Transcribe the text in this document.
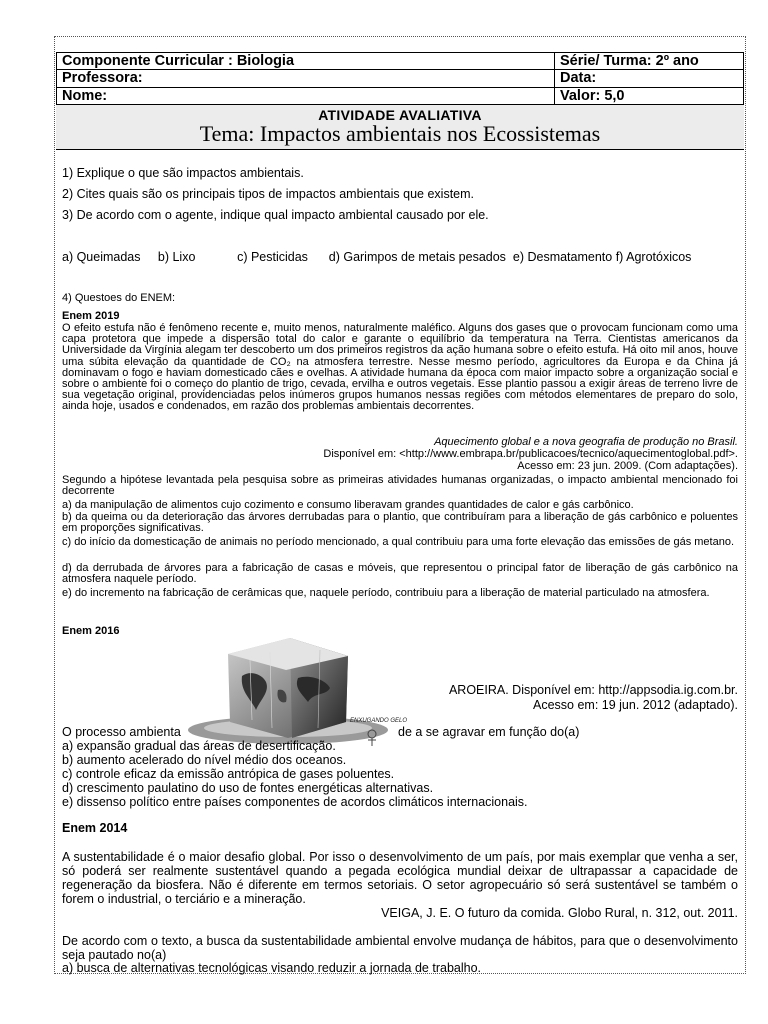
Componente Curricular : Biologia	Série/ Turma: 2º ano
Professora:	Data:
Nome:	Valor: 5,0
ATIVIDADE AVALIATIVA
Tema: Impactos ambientais nos Ecossistemas
1) Explique o que são impactos ambientais.
2) Cites quais são os principais tipos de impactos ambientais que existem.
3) De acordo com o agente, indique qual impacto ambiental causado por ele.
a) Queimadas     b) Lixo            c) Pesticidas      d) Garimpos de metais pesados  e) Desmatamento f) Agrotóxicos
4) Questoes do ENEM:
Enem 2019
O efeito estufa não é fenômeno recente e, muito menos, naturalmente maléfico. Alguns dos gases que o provocam funcionam como uma capa protetora que impede a dispersão total do calor e garante o equilíbrio da temperatura na Terra. Cientistas americanos da Universidade da Virgínia alegam ter descoberto um dos primeiros registros da ação humana sobre o efeito estufa. Há oito mil anos, houve uma súbita elevação da quantidade de CO₂ na atmosfera terrestre. Nesse mesmo período, agricultores da Europa e da China já dominavam o fogo e haviam domesticado cães e ovelhas. A atividade humana da época com maior impacto sobre a organização social e sobre o ambiente foi o começo do plantio de trigo, cevada, ervilha e outros vegetais. Esse plantio passou a exigir áreas de terreno livre de sua vegetação original, providenciadas pelos inúmeros grupos humanos nessas regiões com métodos elementares de preparo do solo, ainda hoje, usados e condenados, em razão dos problemas ambientais decorrentes.
Aquecimento global e a nova geografia de produção no Brasil.
Disponível em: <http://www.embrapa.br/publicacoes/tecnico/aquecimentoglobal.pdf>.
Acesso em: 23 jun. 2009. (Com adaptações).
Segundo a hipótese levantada pela pesquisa sobre as primeiras atividades humanas organizadas, o impacto ambiental mencionado foi decorrente
a) da manipulação de alimentos cujo cozimento e consumo liberavam grandes quantidades de calor e gás carbônico.
b) da queima ou da deterioração das árvores derrubadas para o plantio, que contribuíram para a liberação de gás carbônico e poluentes em proporções significativas.
c) do início da domesticação de animais no período mencionado, a qual contribuiu para uma forte elevação das emissões de gás metano.
d) da derrubada de árvores para a fabricação de casas e móveis, que representou o principal fator de liberação de gás carbônico na atmosfera naquele período.
e) do incremento na fabricação de cerâmicas que, naquele período, contribuiu para a liberação de material particulado na atmosfera.
Enem 2016
ENXUGANDO GELO
AROEIRA. Disponível em: http://appsodia.ig.com.br.
Acesso em: 19 jun. 2012 (adaptado).
O processo ambienta	de a se agravar em função do(a)
a) expansão gradual das áreas de desertificação.
b) aumento acelerado do nível médio dos oceanos.
c) controle eficaz da emissão antrópica de gases poluentes.
d) crescimento paulatino do uso de fontes energéticas alternativas.
e) dissenso político entre países componentes de acordos climáticos internacionais.
Enem 2014
A sustentabilidade é o maior desafio global. Por isso o desenvolvimento de um país, por mais exemplar que venha a ser, só poderá ser realmente sustentável quando a pegada ecológica mundial deixar de ultrapassar a capacidade de regeneração da biosfera. Não é diferente em termos setoriais. O setor agropecuário só será sustentável se também o forem o industrial, o terciário e a mineração.
VEIGA, J. E. O futuro da comida. Globo Rural, n. 312, out. 2011.
De acordo com o texto, a busca da sustentabilidade ambiental envolve mudança de hábitos, para que o desenvolvimento seja pautado no(a)
a) busca de alternativas tecnológicas visando reduzir a jornada de trabalho.
